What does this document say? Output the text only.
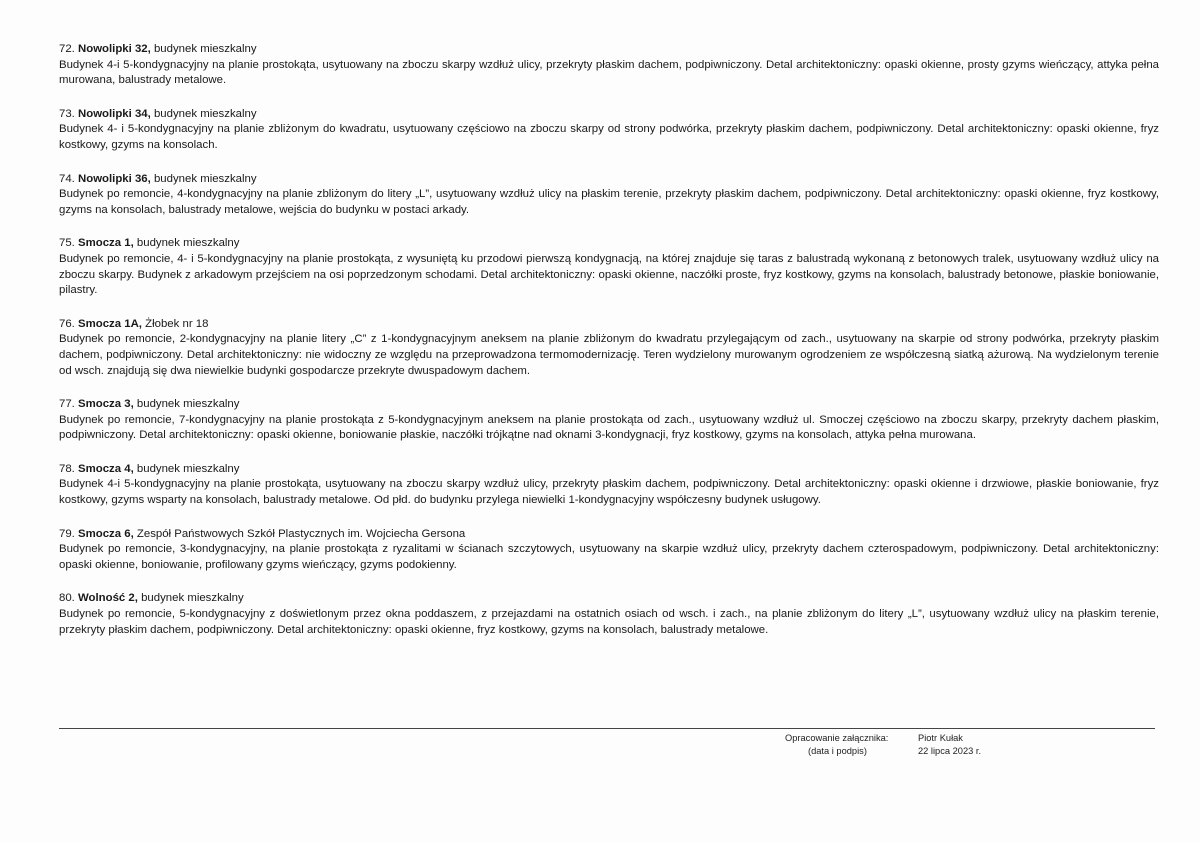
72. Nowolipki 32, budynek mieszkalny
Budynek 4-i 5-kondygnacyjny na planie prostokąta, usytuowany na zboczu skarpy wzdłuż ulicy, przekryty płaskim dachem, podpiwniczony. Detal architektoniczny: opaski okienne, prosty gzyms wieńczący, attyka pełna murowana, balustrady metalowe.
73. Nowolipki 34, budynek mieszkalny
Budynek 4- i 5-kondygnacyjny na planie zbliżonym do kwadratu, usytuowany częściowo na zboczu skarpy od strony podwórka, przekryty płaskim dachem, podpiwniczony. Detal architektoniczny: opaski okienne, fryz kostkowy, gzyms na konsolach.
74. Nowolipki 36, budynek mieszkalny
Budynek po remoncie, 4-kondygnacyjny na planie zbliżonym do litery „L”, usytuowany wzdłuż ulicy na płaskim terenie, przekryty płaskim dachem, podpiwniczony. Detal architektoniczny: opaski okienne, fryz kostkowy, gzyms na konsolach, balustrady metalowe, wejścia do budynku w postaci arkady.
75. Smocza 1, budynek mieszkalny
Budynek po remoncie, 4- i 5-kondygnacyjny na planie prostokąta, z wysuniętą ku przodowi pierwszą kondygnacją, na której znajduje się taras z balustradą wykonaną z betonowych tralek, usytuowany wzdłuż ulicy na zboczu skarpy. Budynek z arkadowym przejściem na osi poprzedzonym schodami. Detal architektoniczny: opaski okienne, naczółki proste, fryz kostkowy, gzyms na konsolach, balustrady betonowe, płaskie boniowanie, pilastry.
76. Smocza 1A, Żłobek nr 18
Budynek po remoncie, 2-kondygnacyjny na planie litery „C” z 1-kondygnacyjnym aneksem na planie zbliżonym do kwadratu przylegającym od zach., usytuowany na skarpie od strony podwórka, przekryty płaskim dachem, podpiwniczony. Detal architektoniczny: nie widoczny ze względu na przeprowadzona termomodernizację. Teren wydzielony murowanym ogrodzeniem ze współczesną siatką ażurową. Na wydzielonym terenie od wsch. znajdują się dwa niewielkie budynki gospodarcze przekryte dwuspadowym dachem.
77. Smocza 3, budynek mieszkalny
Budynek po remoncie, 7-kondygnacyjny na planie prostokąta z 5-kondygnacyjnym aneksem na planie prostokąta od zach., usytuowany wzdłuż ul. Smoczej częściowo na zboczu skarpy, przekryty dachem płaskim, podpiwniczony. Detal architektoniczny: opaski okienne, boniowanie płaskie, naczółki trójkątne nad oknami 3-kondygnacji, fryz kostkowy, gzyms na konsolach, attyka pełna murowana.
78. Smocza 4, budynek mieszkalny
Budynek 4-i 5-kondygnacyjny na planie prostokąta, usytuowany na zboczu skarpy wzdłuż ulicy, przekryty płaskim dachem, podpiwniczony. Detal architektoniczny: opaski okienne i drzwiowe, płaskie boniowanie, fryz kostkowy, gzyms wsparty na konsolach, balustrady metalowe. Od płd. do budynku przylega niewielki 1-kondygnacyjny współczesny budynek usługowy.
79. Smocza 6, Zespół Państwowych Szkół Plastycznych im. Wojciecha Gersona
Budynek po remoncie, 3-kondygnacyjny, na planie prostokąta z ryzalitami w ścianach szczytowych, usytuowany na skarpie wzdłuż ulicy, przekryty dachem czterospadowym, podpiwniczony. Detal architektoniczny: opaski okienne, boniowanie, profilowany gzyms wieńczący, gzyms podokienny.
80. Wolność 2, budynek mieszkalny
Budynek po remoncie, 5-kondygnacyjny z doświetlonym przez okna poddaszem, z przejazdami na ostatnich osiach od wsch. i zach., na planie zbliżonym do litery „L”, usytuowany wzdłuż ulicy na płaskim terenie, przekryty płaskim dachem, podpiwniczony. Detal architektoniczny: opaski okienne, fryz kostkowy, gzyms na konsolach, balustrady metalowe.
Opracowanie załącznika:
(data i podpis)
Piotr Kułak
22 lipca 2023 r.
